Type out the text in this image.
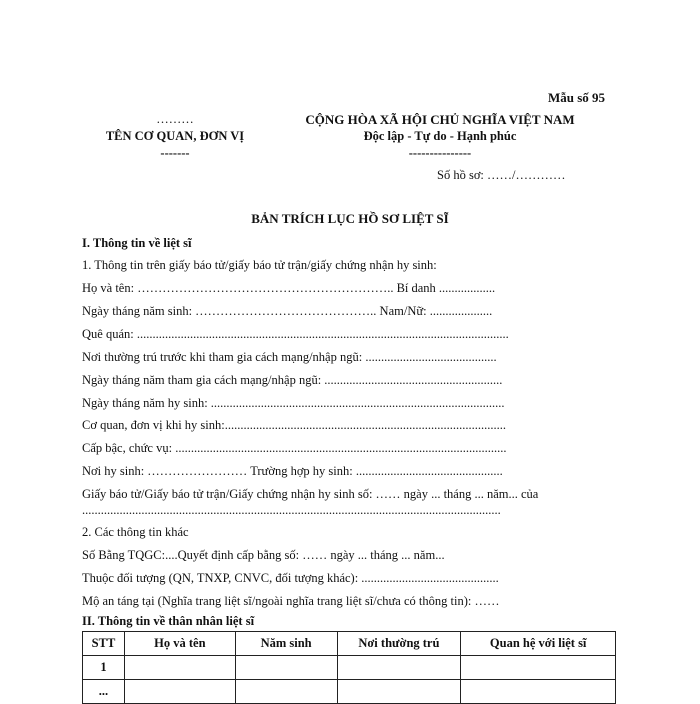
Mẫu số 95
………
TÊN CƠ QUAN, ĐƠN VỊ
-------
CỘNG HÒA XÃ HỘI CHỦ NGHĨA VIỆT NAM
Độc lập - Tự do - Hạnh phúc
---------------
Số hồ sơ: ……/…………
BẢN TRÍCH LỤC HỒ SƠ LIỆT SĨ
I. Thông tin về liệt sĩ
1. Thông tin trên giấy báo tử/giấy báo tử trận/giấy chứng nhận hy sinh:
Họ và tên: …………………………………………………….. Bí danh ..................
Ngày tháng năm sinh: …………………………………….. Nam/Nữ: ....................
Quê quán: .......................................................................................................................
Nơi thường trú trước khi tham gia cách mạng/nhập ngũ: ..........................................
Ngày tháng năm tham gia cách mạng/nhập ngũ: .........................................................
Ngày tháng năm hy sinh: ..............................................................................................
Cơ quan, đơn vị khi hy sinh:..........................................................................................
Cấp bậc, chức vụ: ..........................................................................................................
Nơi hy sinh: …………………… Trường hợp hy sinh: ...............................................
Giấy báo tử/Giấy báo tử trận/Giấy chứng nhận hy sinh số: …… ngày ... tháng ... năm... của
......................................................................................................................................
2. Các thông tin khác
Số Bằng TQGC:....Quyết định cấp bằng số: …… ngày ... tháng ... năm...
Thuộc đối tượng (QN, TNXP, CNVC, đối tượng khác): ............................................
Mộ an táng tại (Nghĩa trang liệt sĩ/ngoài nghĩa trang liệt sĩ/chưa có thông tin): ……
II. Thông tin về thân nhân liệt sĩ
STT	Họ và tên	Năm sinh	Nơi thường trú	Quan hệ với liệt sĩ
1				
...				
